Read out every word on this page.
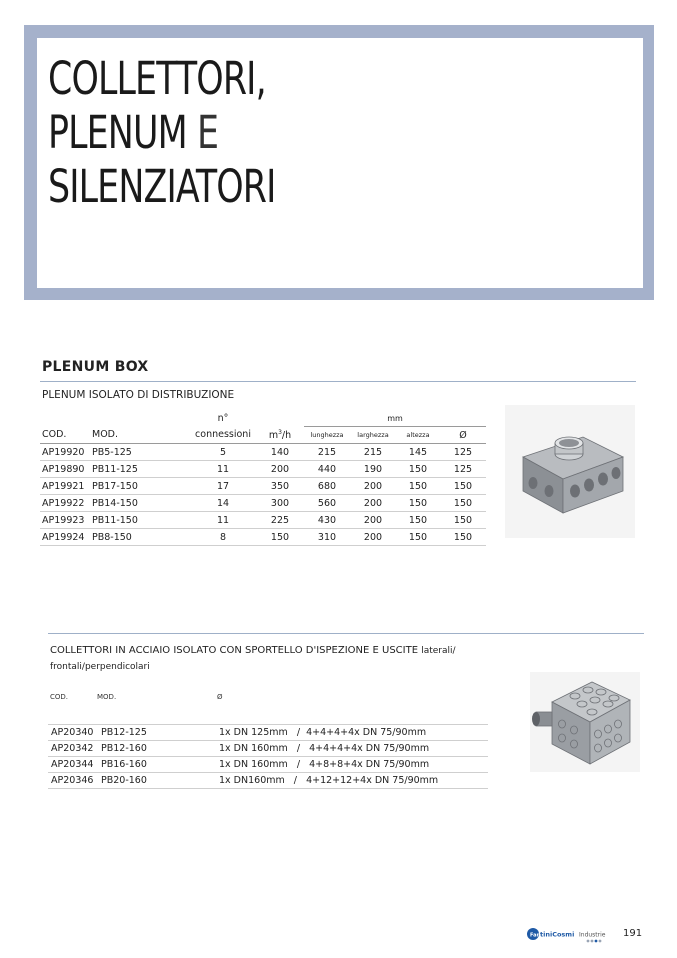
COLLETTORI,
PLENUM E
SILENZIATORI
PLENUM BOX
PLENUM ISOLATO DI DISTRIBUZIONE
		n°		mm			
COD.	MOD.	connessioni	$m^3/h$	lunghezza	larghezza	altezza	Ø
AP19920	PB5-125	5	140	215	215	145	125
AP19890	PB11-125	11	200	440	190	150	125
AP19921	PB17-150	17	350	680	200	150	150
AP19922	PB14-150	14	300	560	200	150	150
AP19923	PB11-150	11	225	430	200	150	150
AP19924	PB8-150	8	150	310	200	150	150
COLLETTORI IN ACCIAIO ISOLATO CON SPORTELLO D'ISPEZIONE E USCITE laterali/ frontali/perpendicolari
COD.	MOD.	Ø
AP20340	PB12-125	1x DN 125mm   /  4+4+4+4x DN 75/90mm
AP20342	PB12-160	1x DN 160mm   /   4+4+4+4x DN 75/90mm
AP20344	PB16-160	1x DN 160mm   /   4+8+8+4x DN 75/90mm
AP20346	PB20-160	1x DN160mm   /   4+12+12+4x DN 75/90mm
Fan tiniCosmi Industrie 191
